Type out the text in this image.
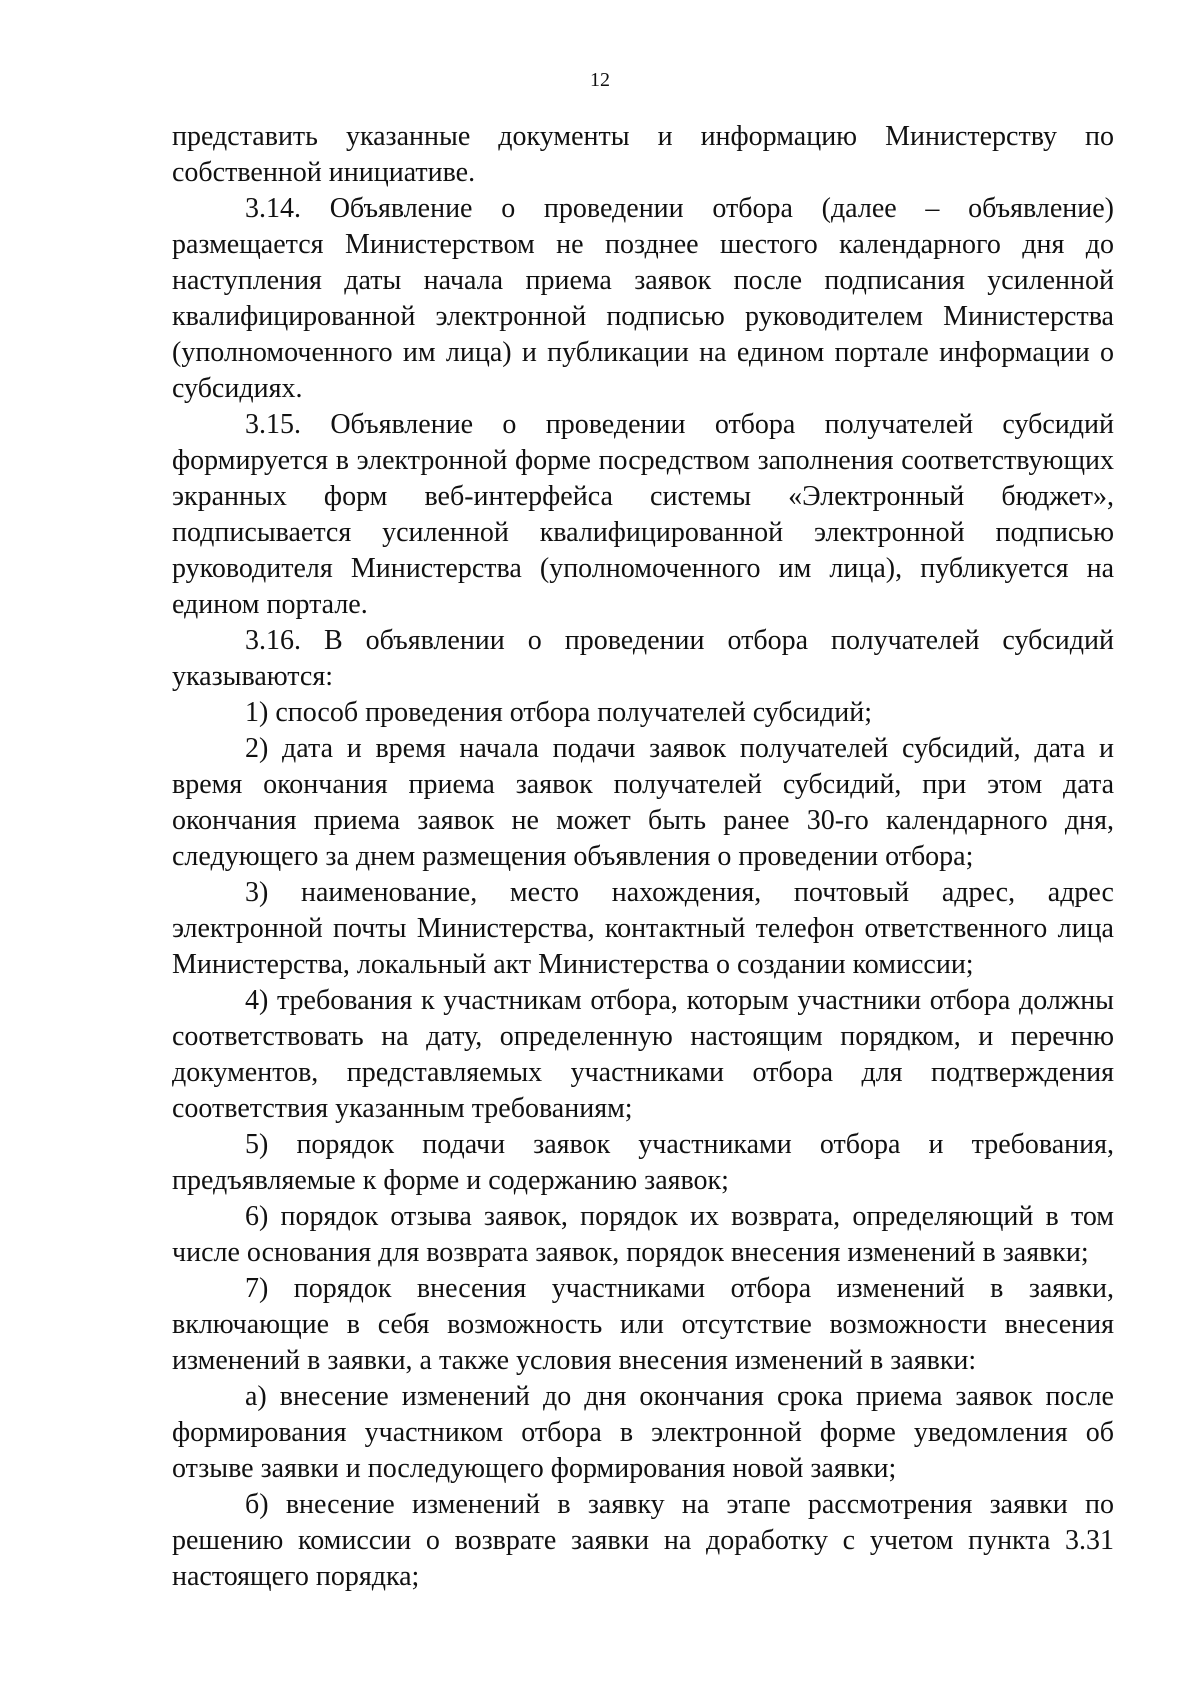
12

представить указанные документы и информацию Министерству по собственной инициативе.

3.14. Объявление о проведении отбора (далее – объявление) размещается Министерством не позднее шестого календарного дня до наступления даты начала приема заявок после подписания усиленной квалифицированной электронной подписью руководителем Министерства (уполномоченного им лица) и публикации на едином портале информации о субсидиях.

3.15. Объявление о проведении отбора получателей субсидий формируется в электронной форме посредством заполнения соответствующих экранных форм веб-интерфейса системы «Электронный бюджет», подписывается усиленной квалифицированной электронной подписью руководителя Министерства (уполномоченного им лица), публикуется на едином портале.

3.16. В объявлении о проведении отбора получателей субсидий указываются:

1) способ проведения отбора получателей субсидий;

2) дата и время начала подачи заявок получателей субсидий, дата и время окончания приема заявок получателей субсидий, при этом дата окончания приема заявок не может быть ранее 30-го календарного дня, следующего за днем размещения объявления о проведении отбора;

3) наименование, место нахождения, почтовый адрес, адрес электронной почты Министерства, контактный телефон ответственного лица Министерства, локальный акт Министерства о создании комиссии;

4) требования к участникам отбора, которым участники отбора должны соответствовать на дату, определенную настоящим порядком, и перечню документов, представляемых участниками отбора для подтверждения соответствия указанным требованиям;

5) порядок подачи заявок участниками отбора и требования, предъявляемые к форме и содержанию заявок;

6) порядок отзыва заявок, порядок их возврата, определяющий в том числе основания для возврата заявок, порядок внесения изменений в заявки;

7) порядок внесения участниками отбора изменений в заявки, включающие в себя возможность или отсутствие возможности внесения изменений в заявки, а также условия внесения изменений в заявки:

а) внесение изменений до дня окончания срока приема заявок после формирования участником отбора в электронной форме уведомления об отзыве заявки и последующего формирования новой заявки;

б) внесение изменений в заявку на этапе рассмотрения заявки по решению комиссии о возврате заявки на доработку с учетом пункта 3.31 настоящего порядка;
